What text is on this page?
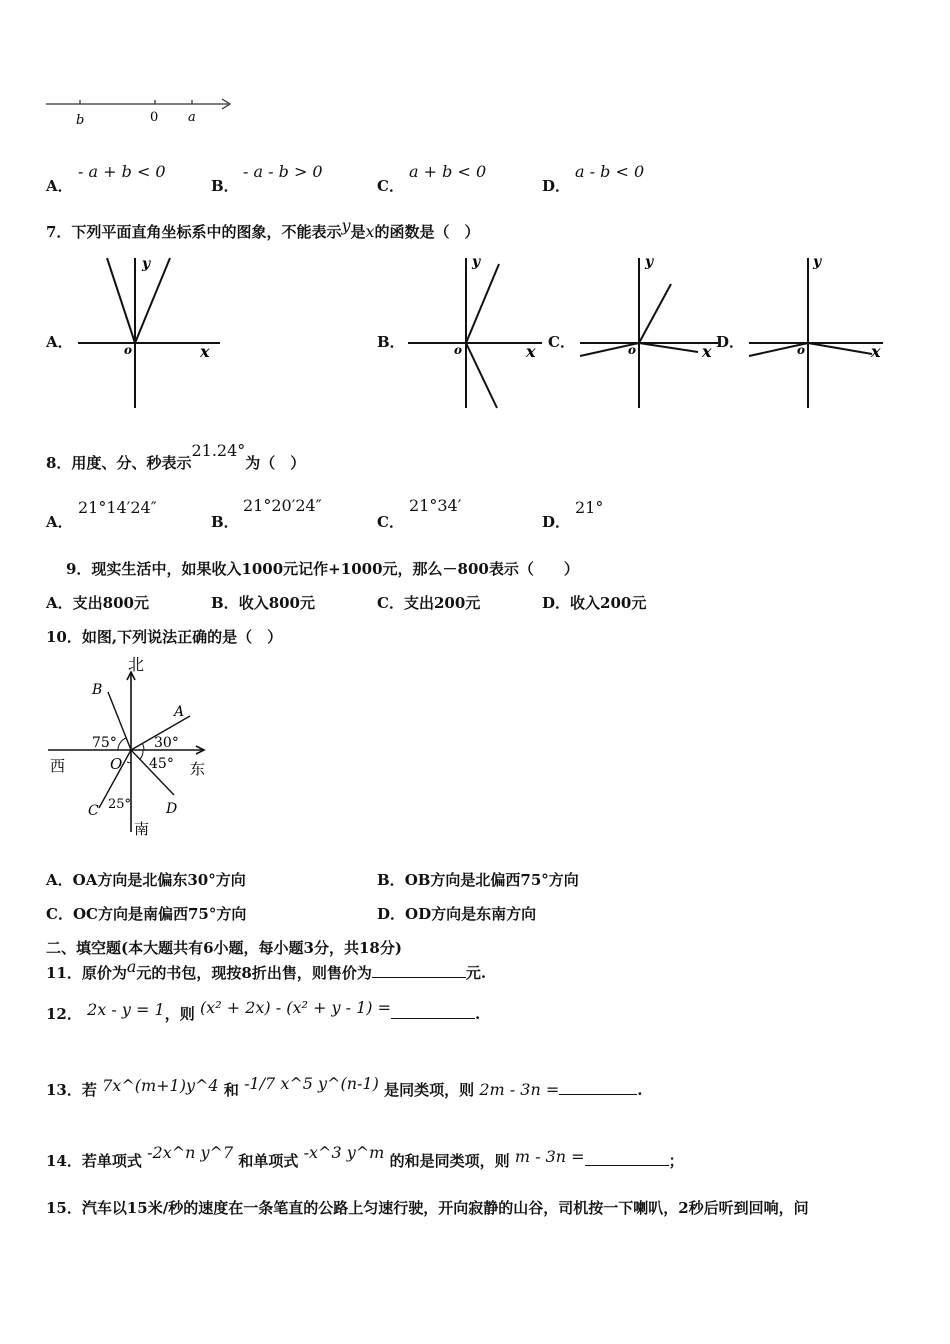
b	0 a
A．
- a + b < 0
B．
- a - b > 0
C．
a + b < 0
D．
a - b < 0
7．下列平面直角坐标系中的图象，不能表示y是x的函数是（　）
A．	B．	C．	D．
y
x
o
y
x
o
y
x
o
y
x
o
8．用度、分、秒表示21.24°为（　）
A．
21°14′24″
B．
21°20′24″
C．
21°34′
D．
21°
9．现实生活中，如果收入1000元记作+1000元，那么－800表示（　　）
A．支出800元	B．收入800元	C．支出200元	D．收入200元
10．如图,下列说法正确的是（　）
北
南
西	东
B
A
C	D
O
75°	30°
45°
25°
A．OA方向是北偏东30°方向	B．OB方向是北偏西75°方向
C．OC方向是南偏西75°方向	D．OD方向是东南方向
二、填空题(本大题共有6小题，每小题3分，共18分)
11．原价为a元的书包，现按8折出售，则售价为	元.
12． 2x - y = 1，则 (x² + 2x) - (x² + y - 1) =	.
13．若 7x^(m+1)y^4 和 -1/7 x^5 y^(n-1) 是同类项，则 2m - 3n =	.
14．若单项式 -2x^n y^7 和单项式 -x^3 y^m 的和是同类项，则 m - 3n =	；
15．汽车以15米/秒的速度在一条笔直的公路上匀速行驶，开向寂静的山谷，司机按一下喇叭，2秒后听到回响，问
